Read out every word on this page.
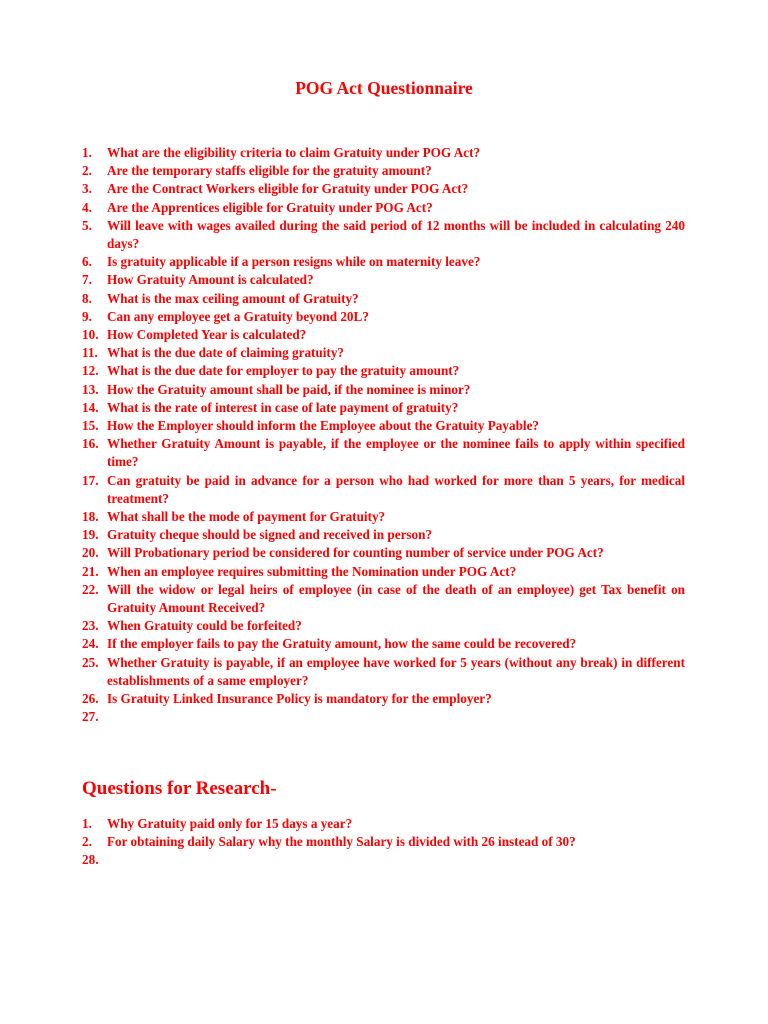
POG Act Questionnaire
1. What are the eligibility criteria to claim Gratuity under POG Act?
2. Are the temporary staffs eligible for the gratuity amount?
3. Are the Contract Workers eligible for Gratuity under POG Act?
4. Are the Apprentices eligible for Gratuity under POG Act?
5. Will leave with wages availed during the said period of 12 months will be included in calculating 240 days?
6. Is gratuity applicable if a person resigns while on maternity leave?
7. How Gratuity Amount is calculated?
8. What is the max ceiling amount of Gratuity?
9. Can any employee get a Gratuity beyond 20L?
10. How Completed Year is calculated?
11. What is the due date of claiming gratuity?
12. What is the due date for employer to pay the gratuity amount?
13. How the Gratuity amount shall be paid, if the nominee is minor?
14. What is the rate of interest in case of late payment of gratuity?
15. How the Employer should inform the Employee about the Gratuity Payable?
16. Whether Gratuity Amount is payable, if the employee or the nominee fails to apply within specified time?
17. Can gratuity be paid in advance for a person who had worked for more than 5 years, for medical treatment?
18. What shall be the mode of payment for Gratuity?
19. Gratuity cheque should be signed and received in person?
20. Will Probationary period be considered for counting number of service under POG Act?
21. When an employee requires submitting the Nomination under POG Act?
22. Will the widow or legal heirs of employee (in case of the death of an employee) get Tax benefit on Gratuity Amount Received?
23. When Gratuity could be forfeited?
24. If the employer fails to pay the Gratuity amount, how the same could be recovered?
25. Whether Gratuity is payable, if an employee have worked for 5 years (without any break) in different establishments of a same employer?
26. Is Gratuity Linked Insurance Policy is mandatory for the employer?
27.
Questions for Research-
1. Why Gratuity paid only for 15 days a year?
2. For obtaining daily Salary why the monthly Salary is divided with 26 instead of 30?
28.
